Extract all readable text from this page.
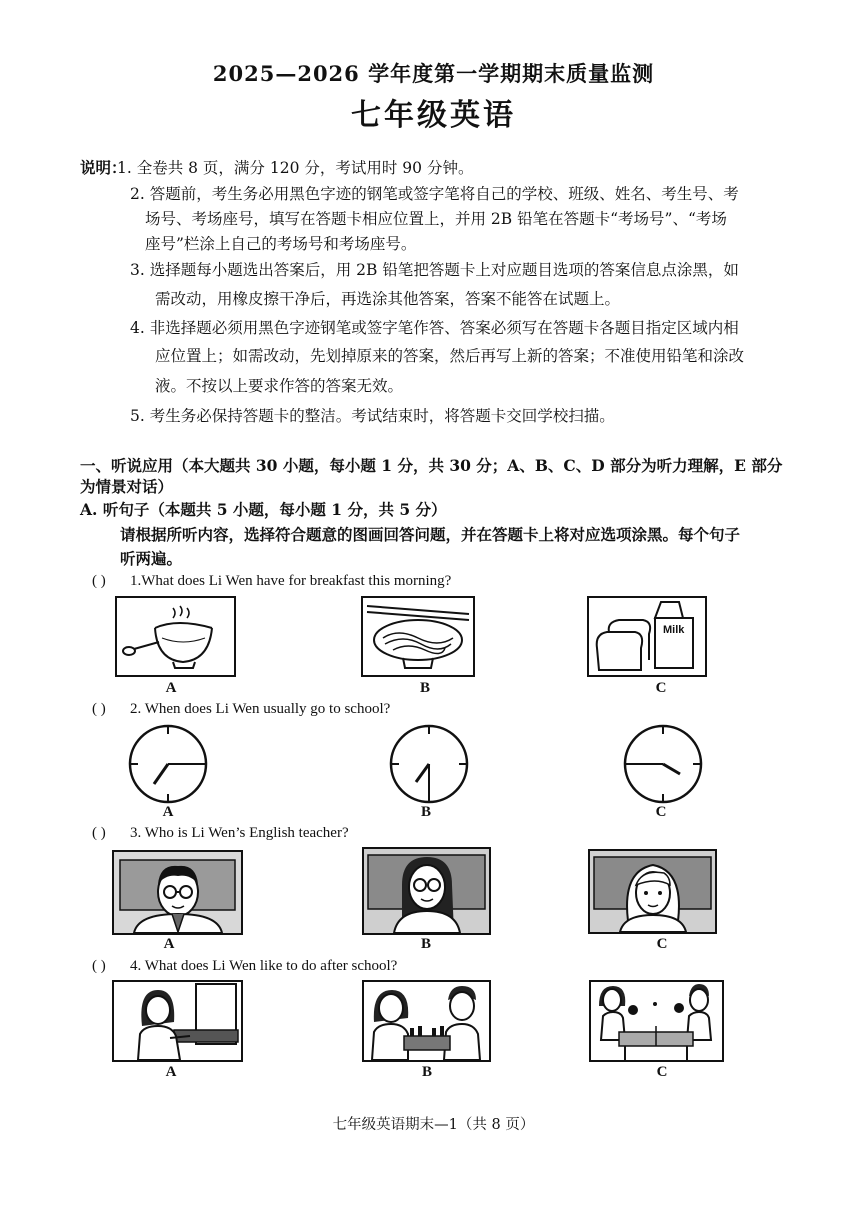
2025—2026 学年度第一学期期末质量监测
七年级英语
说明：
1. 全卷共 8 页，满分 120 分，考试用时 90 分钟。
2. 答题前，考生务必用黑色字迹的钢笔或签字笔将自己的学校、班级、姓名、考生号、考
场号、考场座号，填写在答题卡相应位置上，并用 2B 铅笔在答题卡“考场号”、“考场
座号”栏涂上自己的考场号和考场座号。
3. 选择题每小题选出答案后，用 2B 铅笔把答题卡上对应题目选项的答案信息点涂黑，如
需改动，用橡皮擦干净后，再选涂其他答案，答案不能答在试题上。
4. 非选择题必须用黑色字迹钢笔或签字笔作答、答案必须写在答题卡各题目指定区域内相
应位置上；如需改动，先划掉原来的答案，然后再写上新的答案；不准使用铅笔和涂改
液。不按以上要求作答的答案无效。
5. 考生务必保持答题卡的整洁。考试结束时，将答题卡交回学校扫描。
一、听说应用（本大题共 30 小题，每小题 1 分，共 30 分；A、B、C、D 部分为听力理解，E 部分
为情景对话）
A. 听句子（本题共 5 小题，每小题 1 分，共 5 分）
请根据所听内容，选择符合题意的图画回答问题，并在答题卡上将对应选项涂黑。每个句子
听两遍。
( ) 1.What does Li Wen have for breakfast this morning?
Milk
A	B	C
( ) 2. When does Li Wen usually go to school?
A	B	C
( ) 3. Who is Li Wen’s English teacher?
A	B	C
( ) 4. What does Li Wen like to do after school?
A	B	C
七年级英语期末—1（共 8 页）
